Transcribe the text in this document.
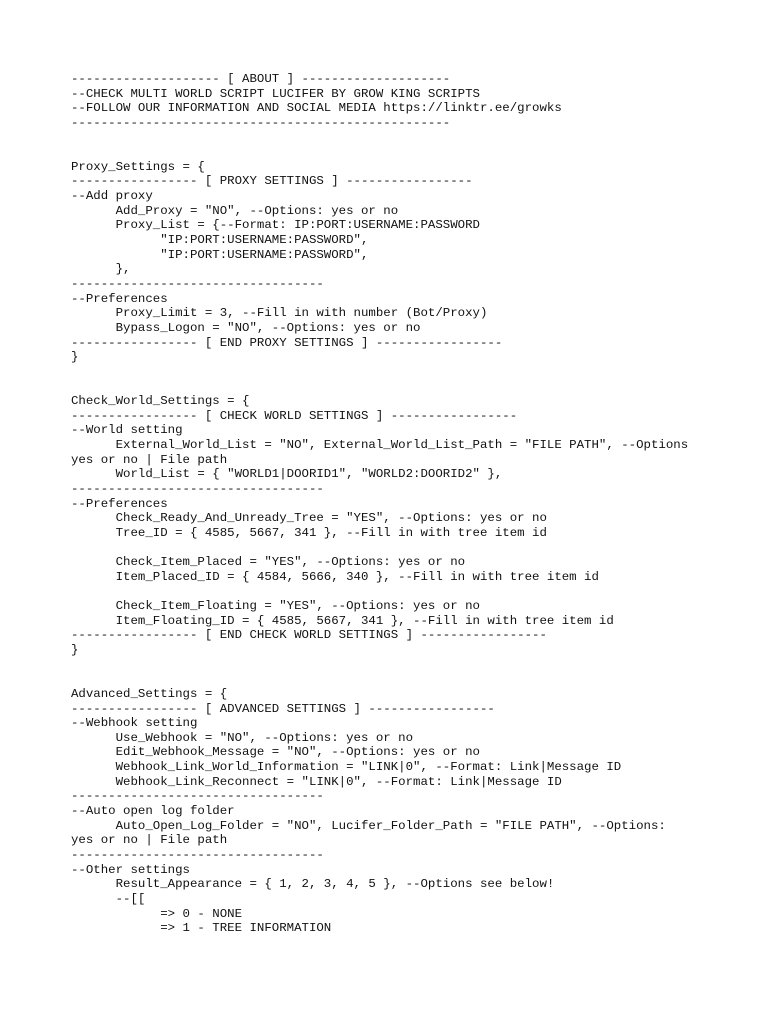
-------------------- [ ABOUT ] --------------------
--CHECK MULTI WORLD SCRIPT LUCIFER BY GROW KING SCRIPTS
--FOLLOW OUR INFORMATION AND SOCIAL MEDIA https://linktr.ee/growks
---------------------------------------------------
Proxy_Settings = {
----------------- [ PROXY SETTINGS ] -----------------
--Add proxy
Add_Proxy = "NO", --Options: yes or no
Proxy_List = {--Format: IP:PORT:USERNAME:PASSWORD
"IP:PORT:USERNAME:PASSWORD",
"IP:PORT:USERNAME:PASSWORD",
},
----------------------------------
--Preferences
Proxy_Limit = 3, --Fill in with number (Bot/Proxy)
Bypass_Logon = "NO", --Options: yes or no
----------------- [ END PROXY SETTINGS ] -----------------
}
Check_World_Settings = {
----------------- [ CHECK WORLD SETTINGS ] -----------------
--World setting
External_World_List = "NO", External_World_List_Path = "FILE PATH", --Options
yes or no | File path
World_List = { "WORLD1|DOORID1", "WORLD2:DOORID2" },
----------------------------------
--Preferences
Check_Ready_And_Unready_Tree = "YES", --Options: yes or no
Tree_ID = { 4585, 5667, 341 }, --Fill in with tree item id
Check_Item_Placed = "YES", --Options: yes or no
Item_Placed_ID = { 4584, 5666, 340 }, --Fill in with tree item id
Check_Item_Floating = "YES", --Options: yes or no
Item_Floating_ID = { 4585, 5667, 341 }, --Fill in with tree item id
----------------- [ END CHECK WORLD SETTINGS ] -----------------
}
Advanced_Settings = {
----------------- [ ADVANCED SETTINGS ] -----------------
--Webhook setting
Use_Webhook = "NO", --Options: yes or no
Edit_Webhook_Message = "NO", --Options: yes or no
Webhook_Link_World_Information = "LINK|0", --Format: Link|Message ID
Webhook_Link_Reconnect = "LINK|0", --Format: Link|Message ID
----------------------------------
--Auto open log folder
Auto_Open_Log_Folder = "NO", Lucifer_Folder_Path = "FILE PATH", --Options:
yes or no | File path
----------------------------------
--Other settings
Result_Appearance = { 1, 2, 3, 4, 5 }, --Options see below!
--[[
=> 0 - NONE
=> 1 - TREE INFORMATION
